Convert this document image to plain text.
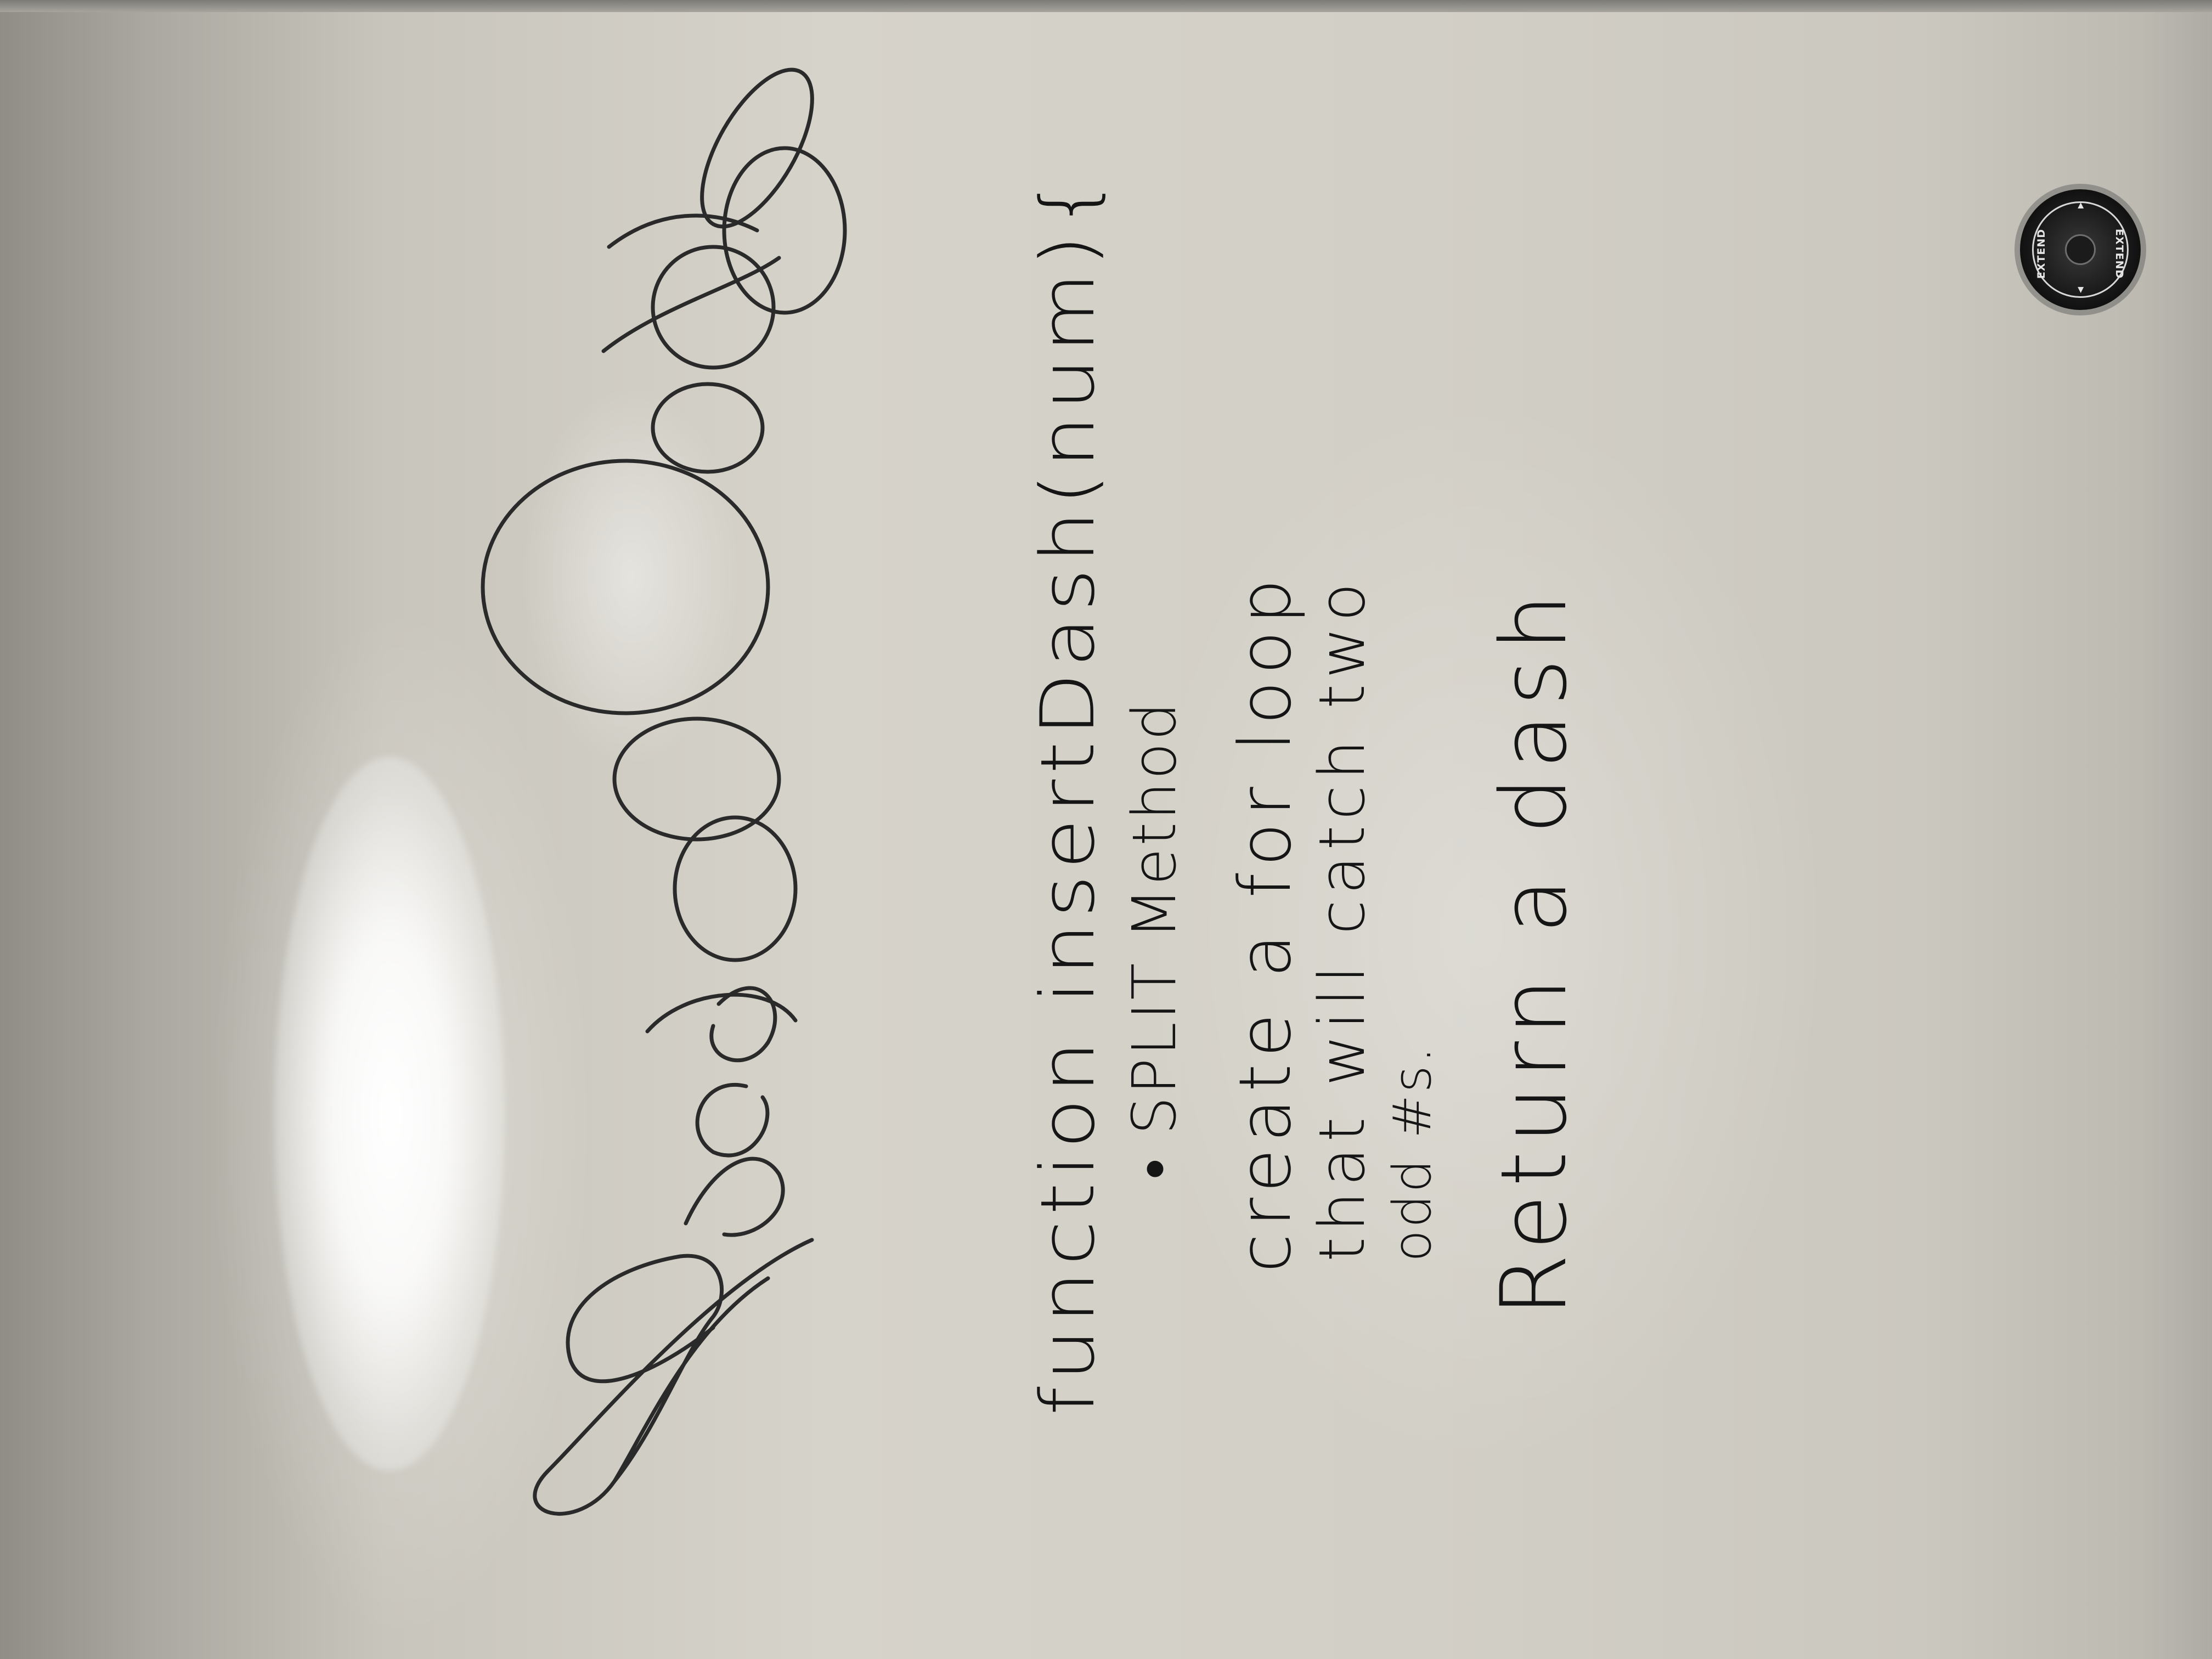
function insertDash(num){ • SPLIT Method create a for loop
that will catch two odd #s. Return a dash
EXTEND
EXTEND
◂
▸
